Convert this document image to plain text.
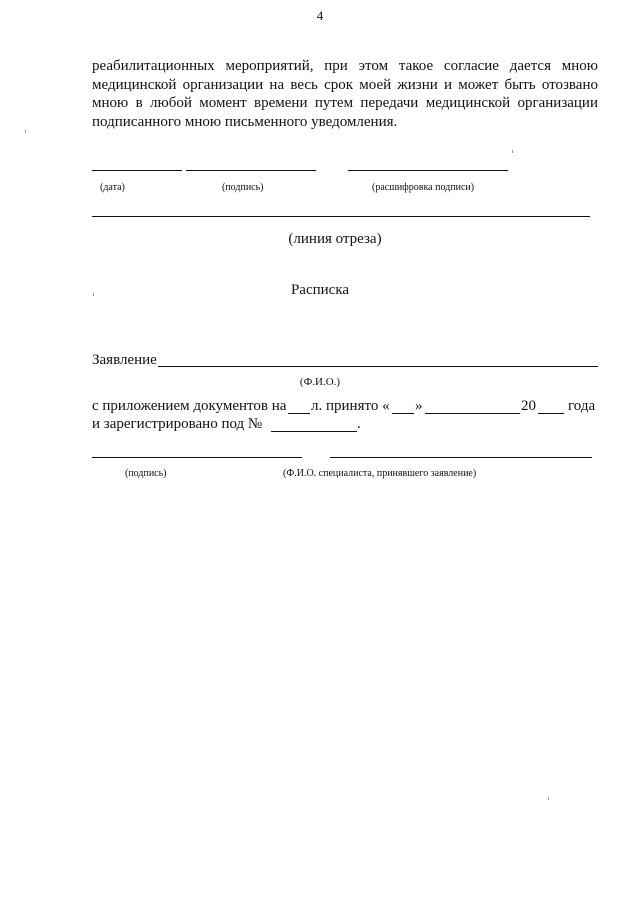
4
реабилитационных мероприятий, при этом такое согласие дается мною
медицинской организации на весь срок моей жизни и может быть отозвано
мною в любой момент времени путем передачи медицинской организации
подписанного мною письменного уведомления.
(дата)	(подпись)	(расшифровка подписи)
(линия отреза)
Расписка
Заявление
(Ф.И.О.)
с приложением документов на л. принято « »	20 года
и зарегистрировано под №	.
(подпись)	(Ф.И.О. специалиста, принявшего заявление)
